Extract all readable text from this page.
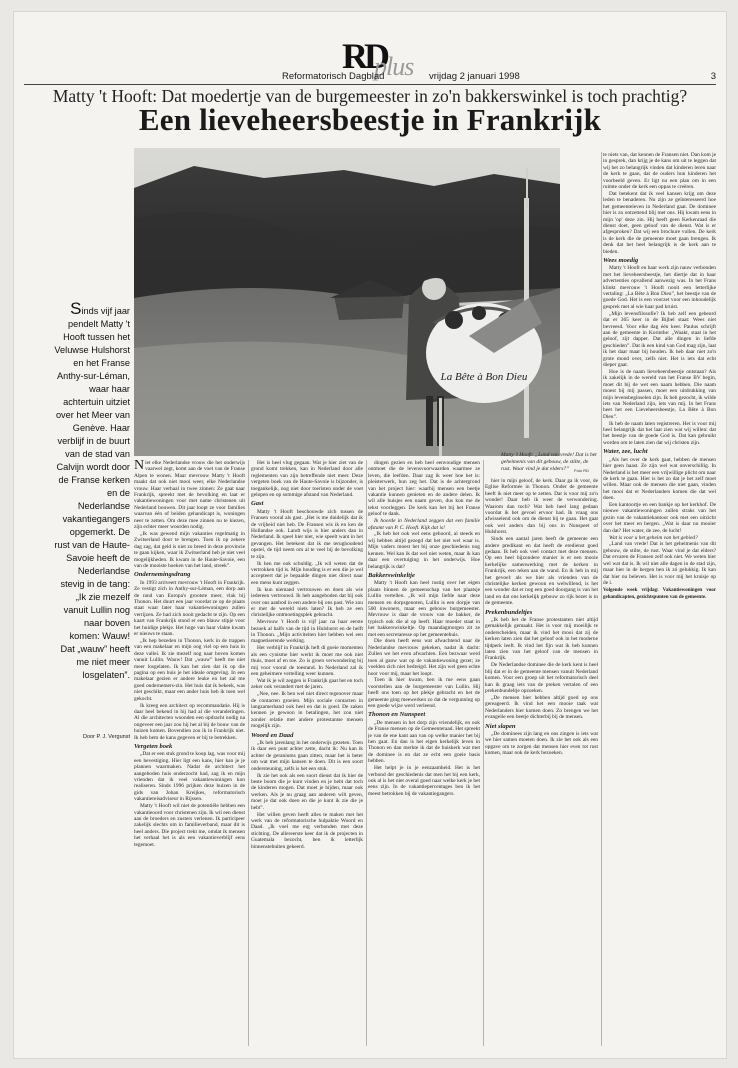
RD
plus
Reformatorisch Dagblad	vrijdag 2 januari 1998	3
Matty 't Hooft: Dat moedertje van de burgemeester in zo'n bakkerswinkel is toch prachtig?
Een lieveheersbeestje in Frankrijk
La Bête à Bon Dieu
Matty 't Hooft: „Land van vrede! Dat is het geheimenis van dit gebouw, de stilte, de rust. Waar vind je dat elders?”	Foto RD
Sinds vijf jaar pendelt Matty 't Hooft tussen het Veluwse Hulshorst en het Franse Anthy-sur-Léman, waar haar achtertuin uitziet over het Meer van Genève. Haar verblijf in de buurt van de stad van Calvijn wordt door de Franse kerken en de Nederlandse vakantiegangers opgemerkt. De rust van de Haute-Savoie heeft de Nederlandse stevig in de tang: „Ik zie mezelf vanuit Lullin nog naar boven komen: Wauw! Dat „wauw” heeft me niet meer losgelaten”.
Door P. J. Vergunst

Niet elke Nederlandse vrouw die het onderwijs vaarwel zegt, komt aan de voet van de Franse Alpen te wonen. Maar mevrouw Matty 't Hooft maakt dat ook niet mooi weer, elke Nederlandse vrouw. Haar verhaal in twee zinnen: Ze gaat naar Frankrijk, spreekt met de bevolking en laat er vakantiewoningen voor met name christenen uit Nederland bouwen. Dit jaar loopt ze voor families waarvan één of beiden gehandicapt is, woningen neer te zetten. Om deze mee zinnen nu te kiezen, zijn echter meer woorden nodig.

„Ik was gewend mijn vakanties regelmatig in Zwitserland door te brengen. Toen ik op zekere dag zag, dat geld is niet zo breed in deze provincie te gaan kijken, waar ik Zwitserland heb je niet veel mogelijkheden. Ik kwam in de Haute-Savoie, een van de mooiste hoeken van het land, streek”.

Ondernemingsdrang

In 1993 arriveert mevrouw 't Hooft in Frankrijk. Ze vestigt zich in Anthy-sur-Léman, een dorp aan de rand van Europa's grootste meer, vlak bij Thonon. Het duurt een jaar voordat ze op de plaats staat waar later haar vakantiewoningen zullen verrijzen. Ze had zich nooit gedacht te zijn. Op een kaart van Frankrijk stond er een blauw stipje voor het huidige plekje. Het hoge van haar vlakte kwam er nieuws te staan.

„Ik hep bezeden in Thonon, kerk in de trappen van een makelaar en mijn oog viel op een huis in deze vallei. Ik zie mezelf nog naar boven komen vanuit Lullin. Wauw! Dat „wauw” heeft me niet meer losgelaten. Ik kan het zien dat ik op die pagina op een huis je het ideale omgeving. In een makelaar gezien er andere leuke en het zal me goed ondernemers-zin. Het huis dat ik bekeek, was niet geschikt, maar een ander huis heb ik toen wel gekocht.

Ik kreeg een architect op recommandatie. Hij is daar heel bekend in hij had al die veranderingen. Al die architecten woonden een opdracht nodig na ongeveer een jaar zou hij het al bij de bouw van de huizen komen. Bovendien zou ik in Frankrijk niet. Ik heb hem de kans gegeven er bij te betrekken.

Vergeten boek

„Dat er een stuk grond te koop lag, was voor mij een bevestiging. Hier ligt een kans, hier kan je je plannen waarmaken. Nadat de architect het aangeboden huis onderzocht had, zag ik en mijn vrienden dat ik veel vakantiewoningen kon realiseren. Sinds 1996 prijken deze huizen in de gids van Johan Kreijkes, reformatorisch vakantiereisadviseur in Rijssen.

Matty 't Hooft wil niet de potentiële hebben een vakantieoord voor christenen zijn. Ik wil een dienst aan de broeders en zusters verlenen. Ik participeer zakelijk slechts om in familieverband, maar dit is heel anders. Die project trekt me, omdat ik mensen het verhaal het is als een vakantieverblijf eens tegemoet.

Het is heel vlug gegaan. Wat je hier ziet van de grond komt trekken, kan in Nederland door alle reglementen van zijn betreffende niet meer. Deze vergeten boek van de Haute-Savoie is bijzonder, is toegankelijk, nog niet door toeristen onder de voet gelopen en op sommige afstand van Nederland.

Gast

Matty 't Hooft beschouwde zich tussen de Fransen vooral als gast. „Het is me duidelijk dat ik de vrijheid niet heb. De Fransen wis ik en ken de Hollandse ook. Landt wijs is hier anders dan in Nederland. Ik speel hier niet, wie speelt want in het gevangen. Het betekent dat ik me terughoudend opstel, de tijd neem om al te veel bij de bevolking te zijn.

Ik hen me ook schuldig. „Ik wil weten dat de vertrokken tijd is. Mijn houding is er een die je wel accepteert dat je bepaalde dingen niet direct naar een mens kunt zeggen.

Ik kun niemand vertrouwen en doen als wie iedereen vertrouwd. Ik heb aangeboden dat bij ook over ons aanbod in een andere bij ons past. Wie zou er met de wereld niets laten? Ik heb ze een christelijke ontmoetingsplek gebracht.

Mevrouw 't Hooft is vijf jaar na haar eerste bezoek al halfs van de tijd in Hulshorst en de helft in Thonon. „Mijn activiteiten hier hebben wel een magnetiserende werking.

Het verblijf in Frankrijk heft di goeie momenten als een cynisme hier werkt ik moet me ook niet thuis, moet af en toe. Zo is groen verwondering bij mij voor vooral de toestand. In Nederland zal ik een geheimere vertelling weer kunnen.

Wat ik je wil zeggen is Frankrijk gaat het en toch zeker ook verandert met de jaren.

„Nee, nee. Ik ben wel niet direct tegenover maar de contacten groeien. Mijn sociale contacten in langzamerhand ook heel en dat is goed. De zaken kennen je gewoon in betalingen, het zou niet zonder relatie met andere protestantse mensen mogelijk zijn.

Woord en Daad

„Ik heb jarenlang in het onderwijs gezeten. Toen ik daar een punt achter zette, dacht ik: Nu kan ik achter de geraniums gaan zitten, maar het is beter om wat met mijn kansen te doen. Dit is een soort ondersteuning, zelfs is het een stuk.

Ik zie het ook als een soort dienst dat ik hier de beste boom die je kunt vinden en je hebt dat toch de kinderen mogen. Dat moet je bijden, maar ook werken. Als je nu graag aan anderen wilt geven, moet je dat ook doen en die je kunt ik zie die je hebt”.

Het willen geven heeft alles te maken met het werk van de reformatorische hulpaktie Woord en Daad. „Ik voel me erg verbonden met deze stichting. De allereerste keer dat ik de projecten in Guatemala bezocht, ben ik letterlijk binnenstebuiten gekeerd.

dingen gezien en heb heel eenvoudige mensen ontmoet die de levensvoorwaarden waarmee ze leven, die leefden. Daar zag ik weer hoe het is: pleisterwerk, hun zeg het. Dat is de achtergrond van het project hier: waarbij mensen een beetje vakantie kunnen genieten en de andere delen. Ik wil alle huisjes een naam geven, dus kon me de tekst voorleggen. De kerk kan het bij het Franse geloof te dank.

Ik hoorde in Nederland zeggen dat een familie afstamt van P. C. Hooft. Kijk dat is!

„Ik heb het ook wel eens gehoord, al steeds en wij hebben altijd gezegd dat het niet wel waar is. Mijn vaders moest het bij onze geschiedenis nog kennen. Wel kan ik dat wel niet weten, maar ik kan daar een overtuiging in het onderwijs. Hoe belangrijk is dat?

Bakkerswinkeltje

Matty 't Hooft kan heel rustig over het eigen plaats binnen de gemeenschap van het plaatsje Lullin vertellen. „Ik wil mijn liefde naar deze mensen en dorpsgenoten, Lullin is een dorpje van 500 inwoners, maar een gebouw burgemeester. Mevrouw is daar de vrouw van de bakker, de typisch ook die al op heeft. Haar moeder staat in het bakkerswinkeltje. Op maandagmorgen zit ze met een secretaresse op het gemeentehuis.

Die doen heeft eens wat afwachtend naar de Nederlandse mevrouw gekeken, nadat ik dacht: Zullen we het even afwachten. Een bezwaar werd toen al gauw wat op de vakantiewoning gezet; ze voelden zich niet bedreigd. Het zijn wel geen echte hoor voor mij, maar het loopt.

Toen ik hier kwam, ben ik me eens gaan voorstellen aan de burgemeester van Lullin. Hij heeft ons toen op het plekje gebracht en het de gemeente ging meewerken zo dat de vergunning op een goede wijze werd verleend.

Thonon en Nunspeet

„De mensen in het dorp zijn vriendelijk, en ook de Franse mensen op de Gemeenteraad. Het spreekt je van de ene kant aan van op welke manier het bij hen gaat. En dan is het eigen kerkelijk leven in Thonon en dan merkte ik dat de huiskerk wat met de dominee is en dat ze echt een goeie basis hebben.

Het helpt je in je eenzaamheid. Het is het verbond der geschiedenis dat men het bij een kerk, ook al is het niet overal goed naar welke kerk je het eens zijn. In de vakantiepercentages ben ik het meest betrokken bij de vakantiegangers.

hier in mijn geloof, de kerk. Daar ga ik voor, de Eglise Reformée in Thonon. Onder de gemeente heeft ik niet meer op te zetten. Dat is voor mij zo'n wonder! Daar heb ik weer de verwondering. Waarom dan toch? Wat heb heel lang gedaan voordat ik het gevoel ervoor had. Ik vraag ons afwisselend ook om de dienst bij te gaan. Het gaat ook wel anders dan bij ons in Nunspeet of Hulshorst.

Sinds een aantal jaren heeft de gemeente een andere predikant en dat heeft de eredienst goed gedaan. Ik heb ook veel contact met deze mensen. Op een heel bijzondere manier is er een mooie kerkelijke samenwerking met de kerken in Frankrijk, een teken aan de wand. En ik heb in mij het gevoel: als we hier als vrienden van de christelijke kerken gewoon en welwillend, is het een wonder dat er nog een goed doorgang is van het land en dat ons kerkelijk gebouw zo rijk bezet is in de gemeente.

Prekenbundeltjes

„Ik heb het de Franse protestanten niet altijd gemakkelijk gemaakt. Het is voor mij moeilijk te onderscheiden, maar ik vind het mooi dat zij de kerken laten zien dat het geloof ook in het moderne tijdperk leeft. Ik vind het fijn wat ik heb kunnen laten zien van het geloof van de mensen in Frankrijk.

De Nederlandse dominee die de kerk kent is heel blij dat er in de gemeente mensen vanuit Nederland komen. Voor een groep uit het reformatorisch deel kan ik graag iets van de preken vertalen of een prekenbundeltje opzoeken.

„De mensen hier hebben altijd goed op ons gereageerd. Ik vind het een mooie taak wat Nederlanders hier komen doen. Zo brengen we het evangelie een beetje dichterbij bij de mensen.

Niet slapen

„De dominees zijn lang en ons zingen is iets wat we hier samen moeten doen. Ik zie het ook als een opgave om te zorgen dat mensen hier even tot rust komen, maar ook de kerk bezoeken.

te niets van, dat kennen de Fransen niet. Dan kom je in gesprek, dan krijg je de kans om uit te leggen dat wij het zo belangrijk vinden dat kinderen leren naar de kerk te gaan, dat de ouders hun kinderen het voorbeeld geven. Er ligt nu een plan om in een ruimte onder de kerk een oppas te creëren.

Dat betekent dat ik veel kansen krijg om deze leden te benaderen. Nu zijn ze geïnteresseerd hoe het gemeenteleven in Nederland gaat. De dominee hier is zo ontzettend blij met ons. Hij kwam eens in mijn 'op' deze zin. Hij heeft geen Kerkenraad die dienst doet, geen geloof van de dienst. Wat is er afgesproken? Dat wij een brochure vullen. De kerk is de kerk die de gemeente moet gaan brengen. Ik denk dat het heel belangrijk is de kerk aan te bieden.

Wees moedig

Matty 't Hooft en haar werk zijn nauw verbonden met het lieveheersbeestje, het diertje dat in haar advertenties opvallend aanwezig was. In het Frans klinkt mevrouw 't Hooft nooit een letterlijke vertaling: „La Bête à Bon Dieu”, het beestje van de goede God. Het is een voorzet voor een inhoudelijk gesprek met al wie haar pad kruist.

„Mijn levensfilosofie? Ik heb zelf een gebeurd dat er 365 keer in de Bijbel staat: Wees niet bevreesd. Voor elke dag één keer. Paulus schrijft aan de gemeente in Korinthe: „Waakt, staat in het geloof, zijt dapper. Dat alle dingen in liefde geschieden”. Dat ik een kind van God mag zijn, laat ik het daar maar bij houden. Ik heb daar niet zo'n grote mond over, zelfs niet. Het is iets dat echt dieper gaat.

Hoe is de naam lieveheersbeestje ontstaan? Als ik zakelijk in de wereld van het Franse BV begin, moet dit bij de wet een naam hebben. Die naam moest bij mij passen, moet een uitdrukking van mijn levensbeginselen zijn. Ik heb gezocht, ik wilde iets van Nederland zijn, iets van mij. In het Frans heet het een Lieveheersbeestje, La Bête à Bon Dieu”.

Ik heb de naam laten registreren. Het is voor mij heel belangrijk dat het laat zien wat wij willen: dat het beestje van de goede God is. Dat kan gebruikt worden om te laten zien dat wij christen zijn.

Water, zee, lucht

„Als het over de kerk gaat, hebben de mensen hier geen haast. Ze zijn wel wat onverschillig. In Nederland is het meer een vrijwillige plicht om naar de kerk te gaan. Hier is het zo dat je het zelf moet willen. Maar ook de mensen die niet gaan, vinden het mooi dat er Nederlanders komen die dat wel doen.

Een kantoortje en een bankje op het kerkhof. De nieuwe vakantiewoningen zullen straks van het gezin van de vakantiekantoor ook met een uitzicht over het meer en bergen. „Wat is daar nu mooier dan dat? Het water, de zee, de lucht!

Wat is voor u het geheim van het gebied?

„Land van vrede! Dat is het geheimenis van dit gebouw, de stilte, de rust. Waar vind je dat elders? Dat ervaren de Fransen zelf ook niet. We weten hier wel wat dat is. Ik wil niet alle dagen in de stad zijn, maar hier in de bergen ben ik zó gelukkig. Ik kan dat hier nu beleven. Het is voor mij het kruisje op de i.

Volgende week vrijdag: Vakantiewoningen voor gehandicapten, gezichtspunten van de gemeente.
